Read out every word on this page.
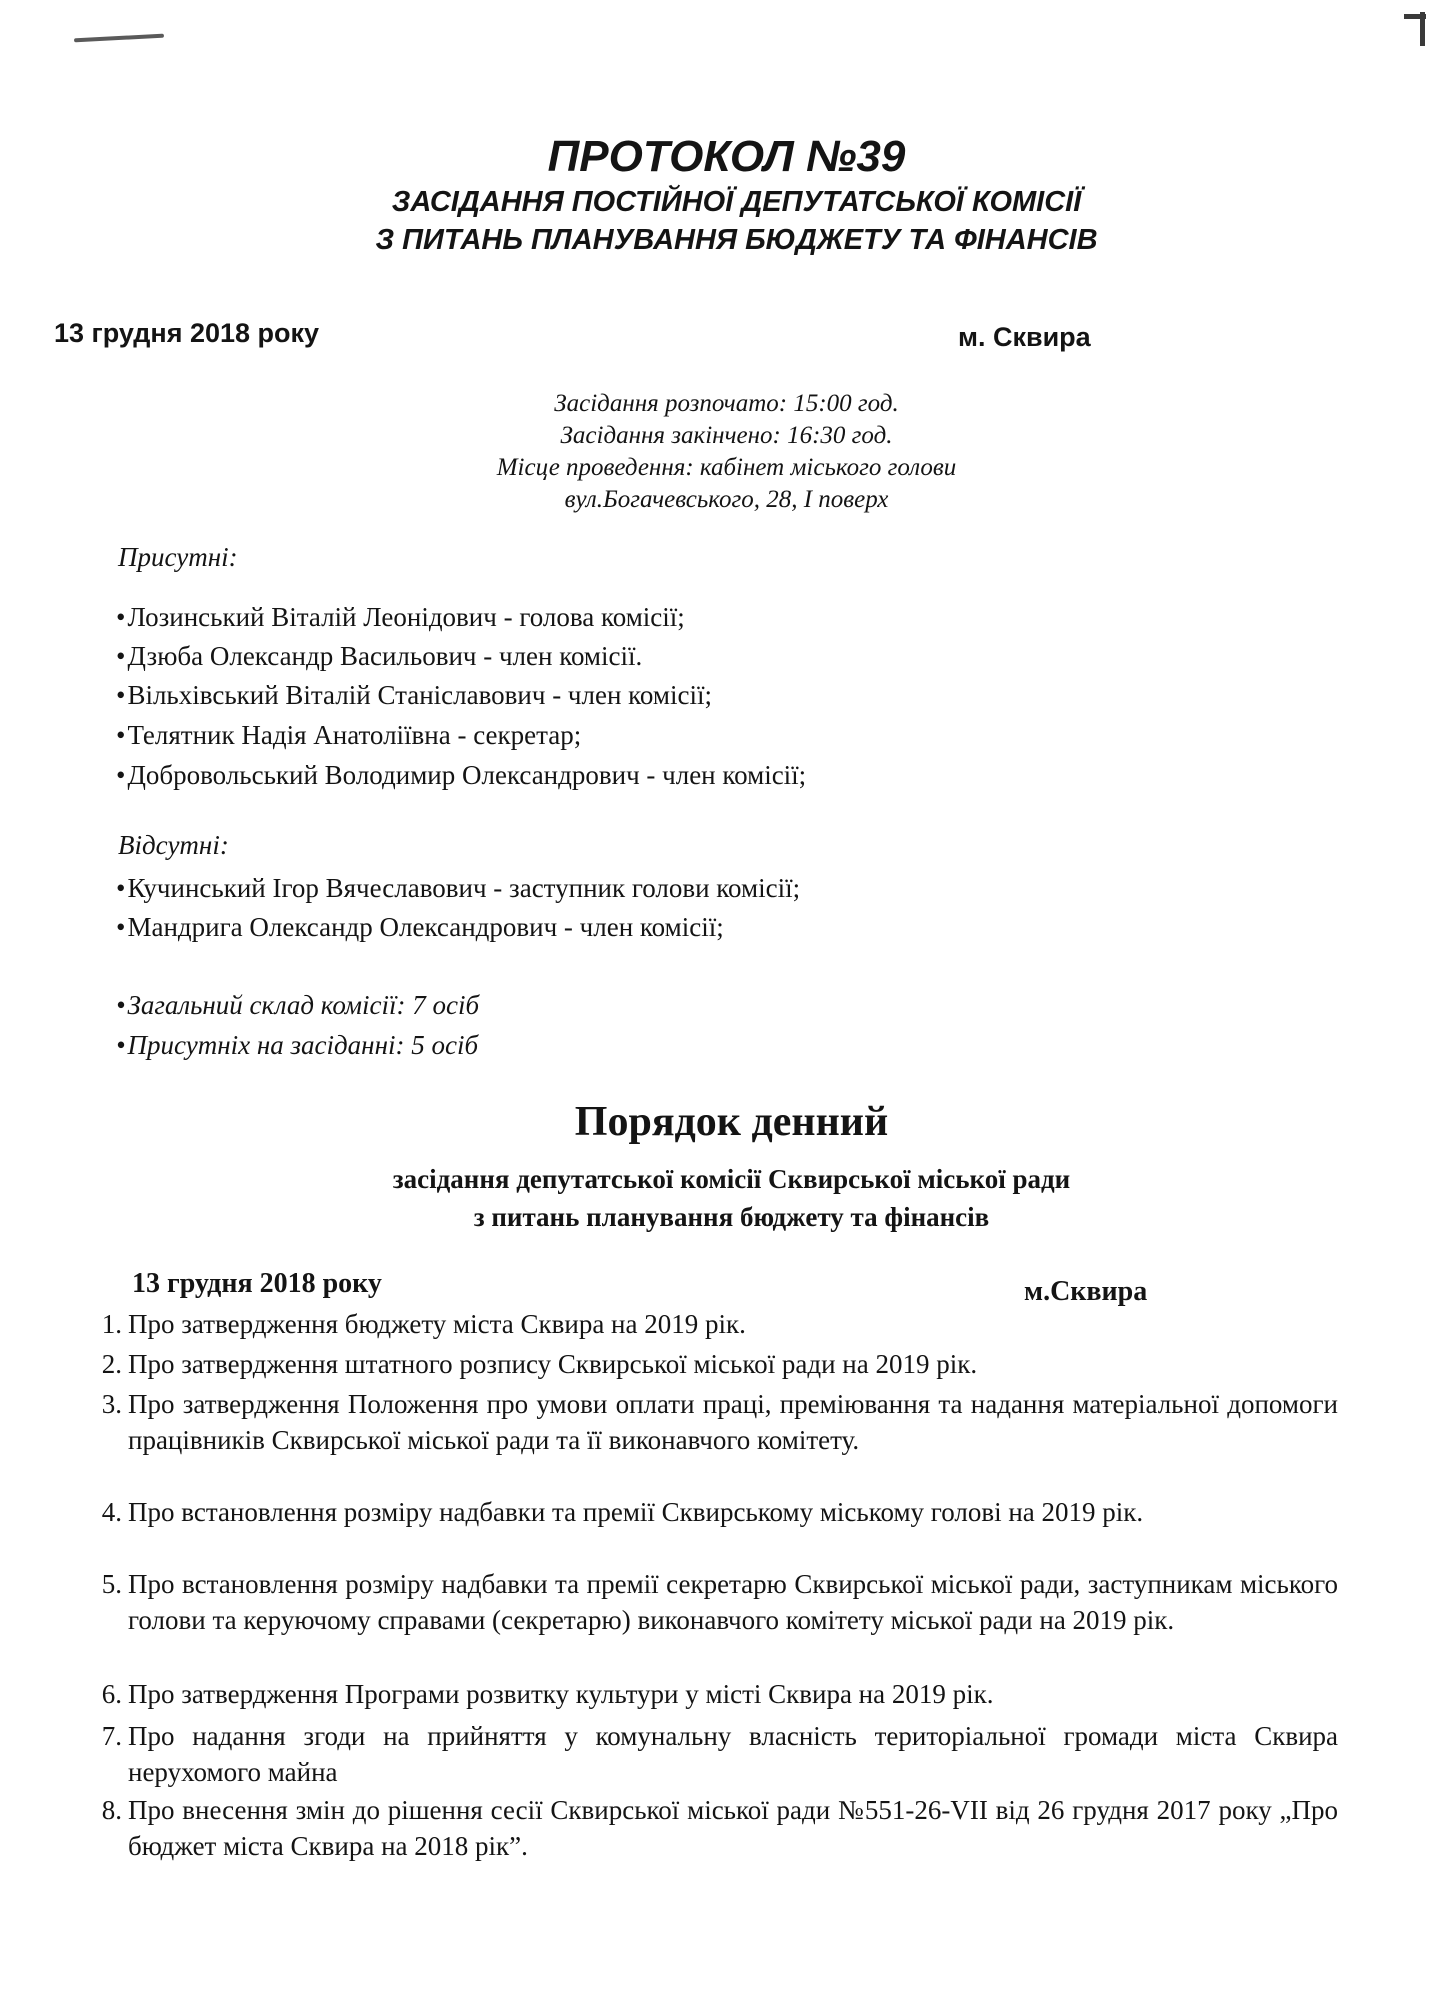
ПРОТОКОЛ №39
ЗАСІДАННЯ ПОСТІЙНОЇ ДЕПУТАТСЬКОЇ КОМІСІЇ
З ПИТАНЬ ПЛАНУВАННЯ БЮДЖЕТУ ТА ФІНАНСІВ
13 грудня 2018 року	м. Сквира
Засідання розпочато: 15:00 год.
Засідання закінчено: 16:30 год.
Місце проведення: кабінет міського голови
вул.Богачевського, 28, І поверх
Присутні:
• Лозинський Віталій Леонідович - голова комісії;
• Дзюба Олександр Васильович - член комісії.
• Вільхівський Віталій Станіславович - член комісії;
• Телятник Надія Анатоліївна - секретар;
• Добровольський Володимир Олександрович - член комісії;
Відсутні:
• Кучинський Ігор Вячеславович - заступник голови комісії;
• Мандрига Олександр Олександрович - член комісії;
• Загальний склад комісії: 7 осіб
• Присутніх на засіданні: 5 осіб
Порядок денний
засідання депутатської комісії Сквирської міської ради
з питань планування бюджету та фінансів
13 грудня 2018 року	м.Сквира
1. Про затвердження бюджету міста Сквира на 2019 рік.
2. Про затвердження штатного розпису Сквирської міської ради на 2019 рік.
3. Про затвердження Положення про умови оплати праці, преміювання та надання матеріальної допомоги працівників Сквирської міської ради та її виконавчого комітету.
4. Про встановлення розміру надбавки та премії Сквирському міському голові на 2019 рік.
5. Про встановлення розміру надбавки та премії секретарю Сквирської міської ради, заступникам міського голови та керуючому справами (секретарю) виконавчого комітету міської ради на 2019 рік.
6. Про затвердження Програми розвитку культури у місті Сквира на 2019 рік.
7. Про надання згоди на прийняття у комунальну власність територіальної громади міста Сквира нерухомого майна
8. Про внесення змін до рішення сесії Сквирської міської ради №551-26-VII від 26 грудня 2017 року „Про бюджет міста Сквира на 2018 рік”.
